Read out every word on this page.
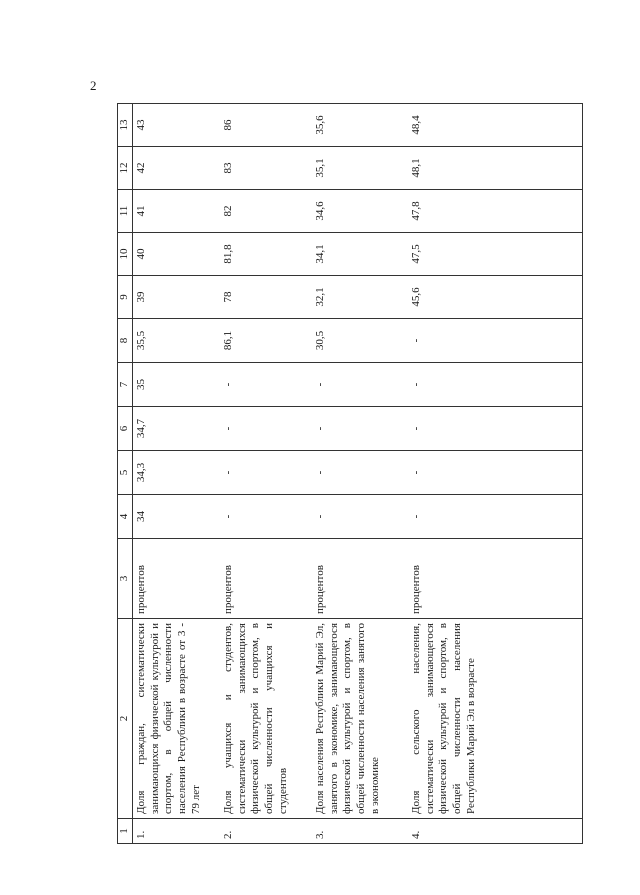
2
1	2	3	4	5	6	7	8	9	10	11	12	13
1.	Доля граждан, систематически занимающихся физической культурой и спортом, в общей численности населения Республики в возрасте от 3 - 79 лет	процентов	34	34,3	34,7	35	35,5	39	40	41	42	43
2.	Доля учащихся и студентов, систематически занимающихся физической культурой и спортом, в общей численности учащихся и студентов	процентов	-	-	-	-	86,1	78	81,8	82	83	86
3.	Доля населения Республики Марий Эл, занятого в экономике, занимающегося физической культурой и спортом, в общей численности населения занятого в экономике	процентов	-	-	-	-	30,5	32,1	34,1	34,6	35,1	35,6
4.	Доля сельского населения, систематически занимающегося физической культурой и спортом, в общей численности населения Республики Марий Эл в возрасте	процентов	-	-	-	-	-	45,6	47,5	47,8	48,1	48,4
